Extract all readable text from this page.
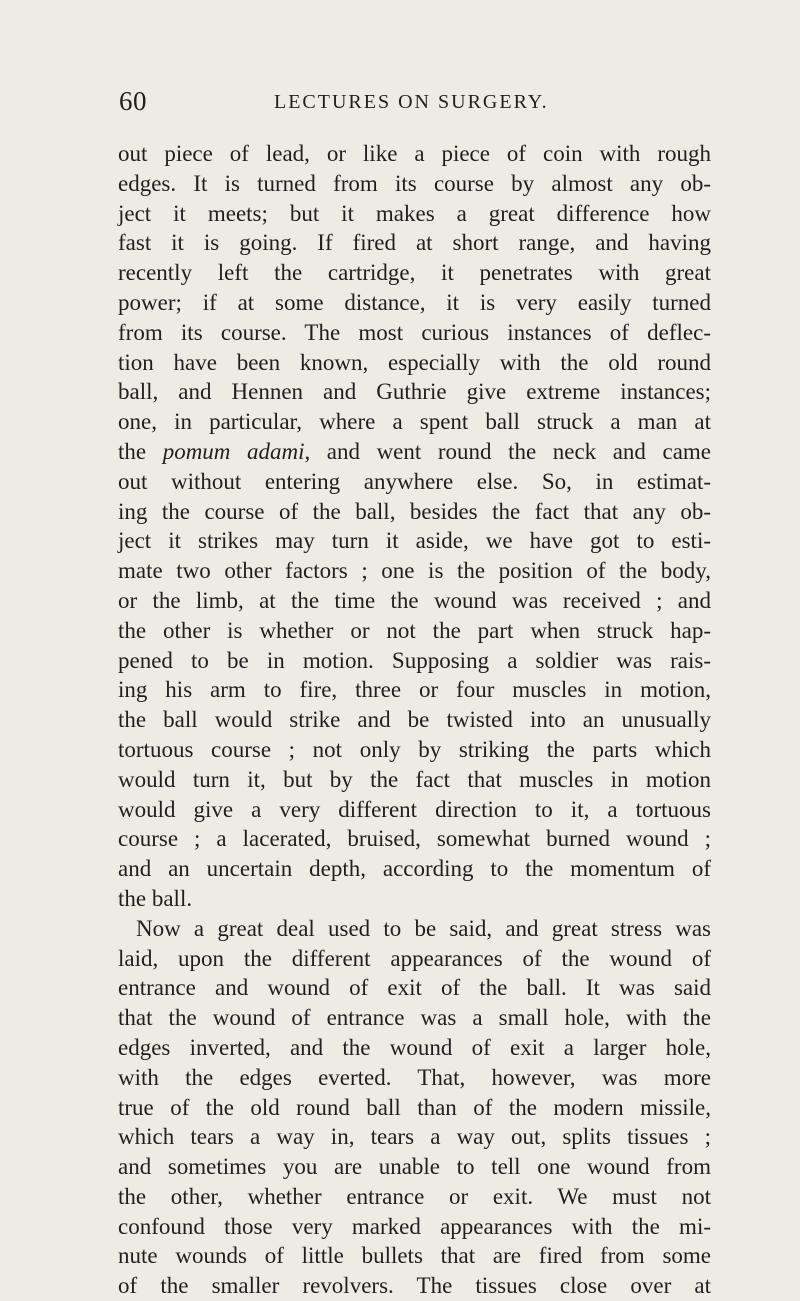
60	LECTURES ON SURGERY.
out piece of lead, or like a piece of coin with rough
edges. It is turned from its course by almost any ob-
ject it meets; but it makes a great difference how
fast it is going. If fired at short range, and having
recently left the cartridge, it penetrates with great
power; if at some distance, it is very easily turned
from its course. The most curious instances of deflec-
tion have been known, especially with the old round
ball, and Hennen and Guthrie give extreme instances;
one, in particular, where a spent ball struck a man at
the pomum adami, and went round the neck and came
out without entering anywhere else. So, in estimat-
ing the course of the ball, besides the fact that any ob-
ject it strikes may turn it aside, we have got to esti-
mate two other factors ; one is the position of the body,
or the limb, at the time the wound was received ; and
the other is whether or not the part when struck hap-
pened to be in motion. Supposing a soldier was rais-
ing his arm to fire, three or four muscles in motion,
the ball would strike and be twisted into an unusually
tortuous course ; not only by striking the parts which
would turn it, but by the fact that muscles in motion
would give a very different direction to it, a tortuous
course ; a lacerated, bruised, somewhat burned wound ;
and an uncertain depth, according to the momentum of
the ball.
Now a great deal used to be said, and great stress was
laid, upon the different appearances of the wound of
entrance and wound of exit of the ball. It was said
that the wound of entrance was a small hole, with the
edges inverted, and the wound of exit a larger hole,
with the edges everted. That, however, was more
true of the old round ball than of the modern missile,
which tears a way in, tears a way out, splits tissues ;
and sometimes you are unable to tell one wound from
the other, whether entrance or exit. We must not
confound those very marked appearances with the mi-
nute wounds of little bullets that are fired from some
of the smaller revolvers. The tissues close over at
